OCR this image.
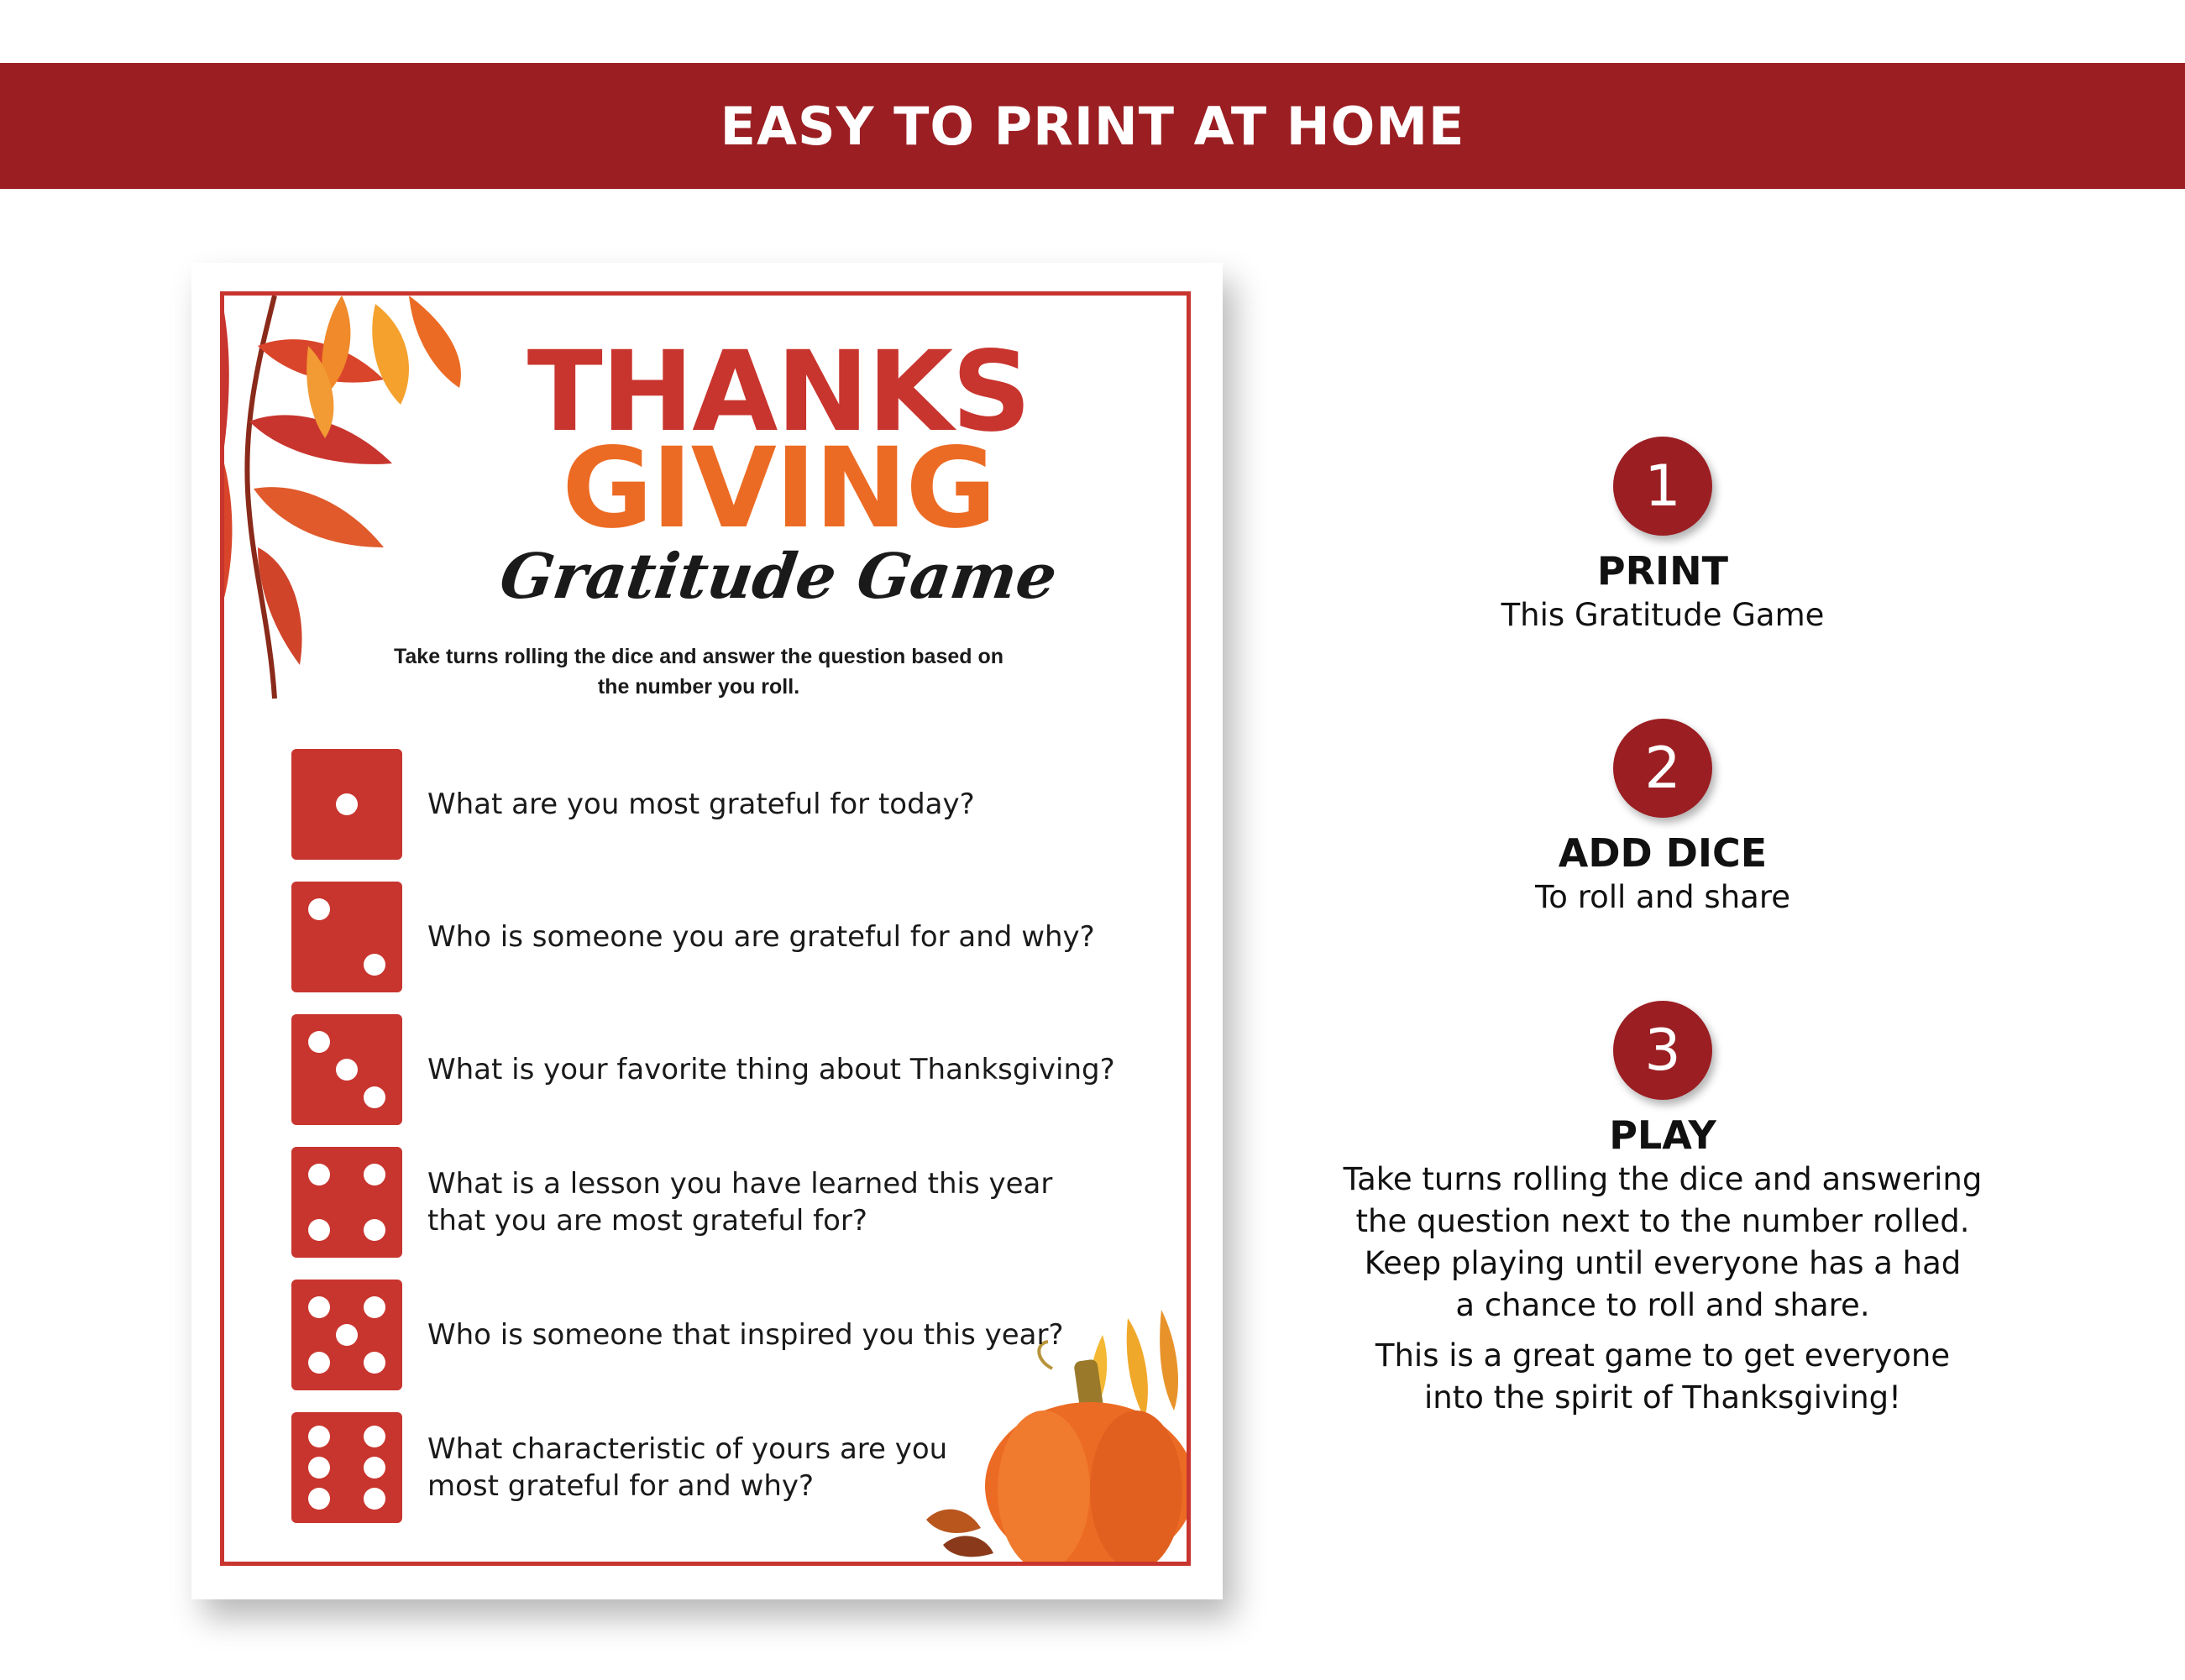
EASY TO PRINT AT HOME
THANKS
GIVING
Gratitude Game
Take turns rolling the dice and answer the question based on the number you roll.
What are you most grateful for today?
Who is someone you are grateful for and why?
What is your favorite thing about Thanksgiving?
What is a lesson you have learned this year
that you are most grateful for?
Who is someone that inspired you this year?
What characteristic of yours are you
most grateful for and why?
1
PRINT
This Gratitude Game
2
ADD DICE
To roll and share
3
PLAY
Take turns rolling the dice and answering
the question next to the number rolled.
Keep playing until everyone has a had
a chance to roll and share.
This is a great game to get everyone
into the spirit of Thanksgiving!
